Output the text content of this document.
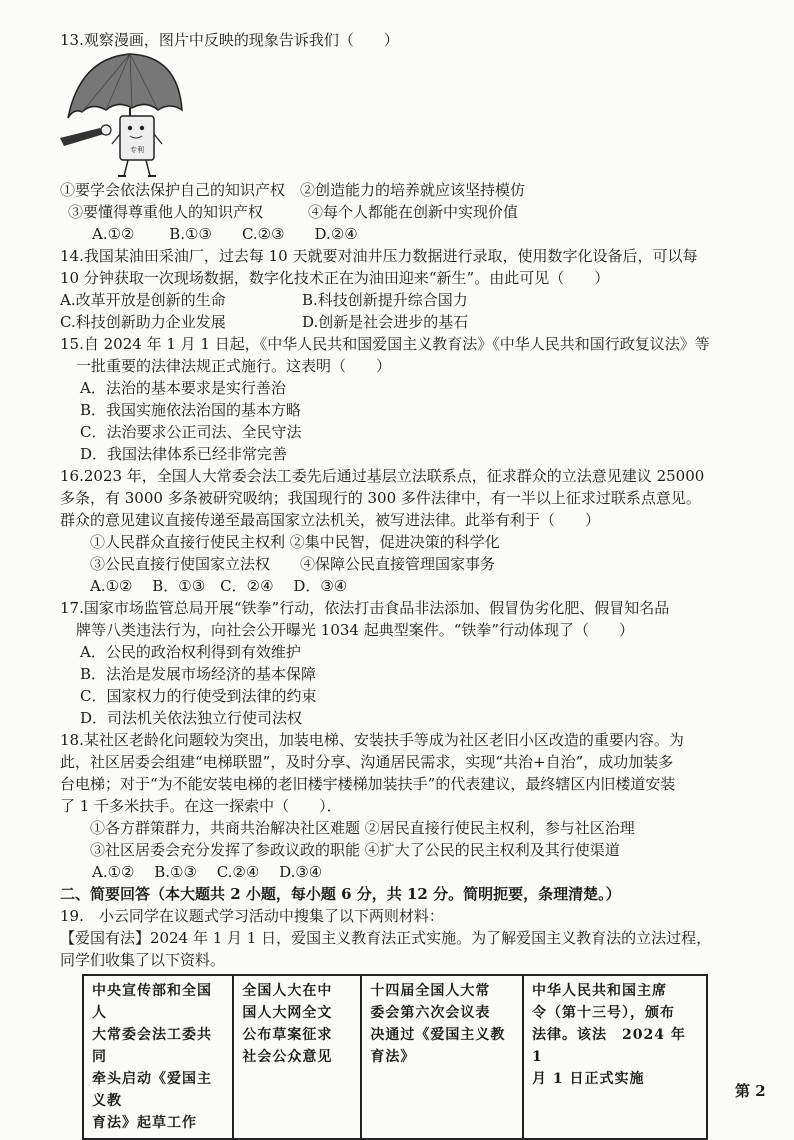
13.观察漫画，图片中反映的现象告诉我们（　　）
专利
①要学会依法保护自己的知识产权　②创造能力的培养就应该坚持模仿
③要懂得尊重他人的知识产权　　　④每个人都能在创新中实现价值
A.①②　　 B.①③　　C.②③　　D.②④
14.我国某油田采油厂，过去每 10 天就要对油井压力数据进行录取，使用数字化设备后，可以每
10 分钟获取一次现场数据，数字化技术正在为油田迎来“新生”。由此可见（　　）
A.改革开放是创新的生命	B.科技创新提升综合国力
C.科技创新助力企业发展	D.创新是社会进步的基石
15.自 2024 年 1 月 1 日起，《中华人民共和国爱国主义教育法》《中华人民共和国行政复议法》等
一批重要的法律法规正式施行。这表明（　　）
A．法治的基本要求是实行善治
B．我国实施依法治国的基本方略
C．法治要求公正司法、全民守法
D．我国法律体系已经非常完善
16.2023 年，全国人大常委会法工委先后通过基层立法联系点，征求群众的立法意见建议 25000
多条，有 3000 多条被研究吸纳；我国现行的 300 多件法律中，有一半以上征求过联系点意见。
群众的意见建议直接传递至最高国家立法机关，被写进法律。此举有利于（　　）
①人民群众直接行使民主权利 ②集中民智，促进决策的科学化
③公民直接行使国家立法权　　④保障公民直接管理国家事务
A.①②　 B．①③　C．②④　 D．③④
17.国家市场监管总局开展“铁拳”行动，依法打击食品非法添加、假冒伪劣化肥、假冒知名品
牌等八类违法行为，向社会公开曝光 1034 起典型案件。“铁拳”行动体现了（　　）
A．公民的政治权利得到有效维护
B．法治是发展市场经济的基本保障
C．国家权力的行使受到法律的约束
D．司法机关依法独立行使司法权
18.某社区老龄化问题较为突出，加装电梯、安装扶手等成为社区老旧小区改造的重要内容。为
此，社区居委会组建“电梯联盟”，及时分享、沟通居民需求，实现“共治+自治”，成功加装多
台电梯；对于“为不能安装电梯的老旧楼宇楼梯加装扶手”的代表建议，最终辖区内旧楼道安装
了 1 千多米扶手。在这一探索中（　　）．
①各方群策群力，共商共治解决社区难题 ②居民直接行使民主权利，参与社区治理
③社区居委会充分发挥了参政议政的职能 ④扩大了公民的民主权利及其行使渠道
A.①②　 B.①③　 C.②④　 D.③④
二、简要回答（本大题共 2 小题，每小题 6 分，共 12 分。简明扼要，条理清楚。）
19.　小云同学在议题式学习活动中搜集了以下两则材料：
【爱国有法】2024 年 1 月 1 日，爱国主义教育法正式实施。为了解爱国主义教育法的立法过程，
同学们收集了以下资料。
中央宣传部和全国人
大常委会法工委共同
牵头启动《爱国主义教
育法》起草工作	全国人大在中
国人大网全文
公布草案征求
社会公众意见	十四届全国人大常
委会第六次会议表
决通过《爱国主义教
育法》	中华人民共和国主席
令（第十三号），颁布
法律。该法　2024 年 1
月 1 日正式实施
第 2
